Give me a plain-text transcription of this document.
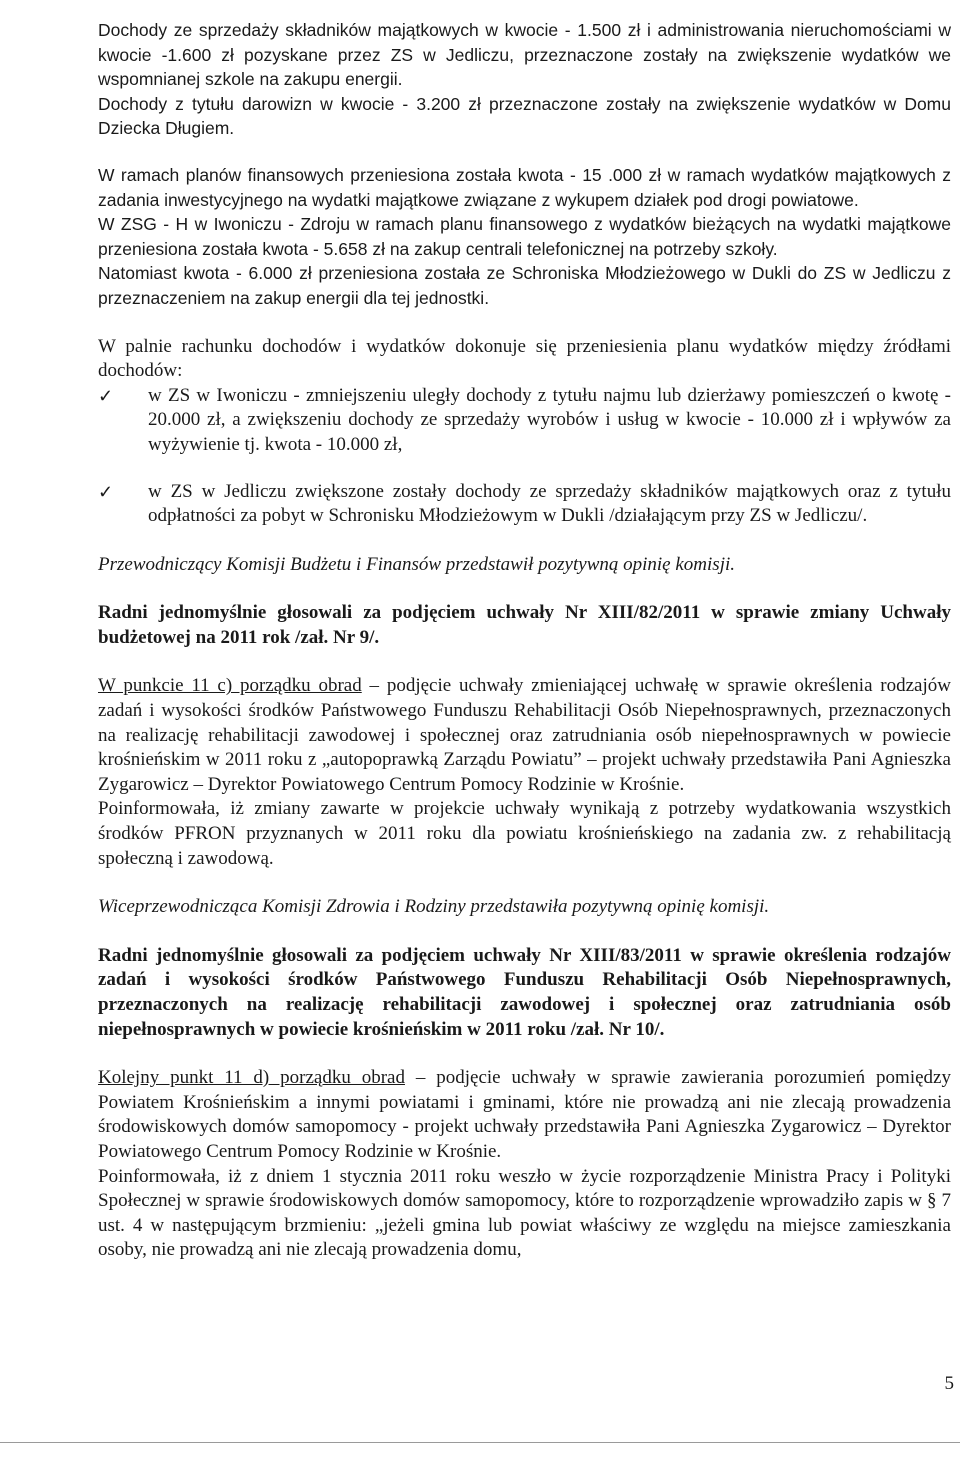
Dochody ze sprzedaży składników majątkowych w kwocie - 1.500 zł i administrowania nieruchomościami w kwocie -1.600 zł pozyskane przez ZS w Jedliczu, przeznaczone zostały na zwiększenie wydatków we wspomnianej szkole na zakupu energii.

Dochody z tytułu darowizn w kwocie - 3.200 zł przeznaczone zostały na zwiększenie wydatków w Domu Dziecka Długiem.

W ramach planów finansowych przeniesiona została kwota - 15 .000 zł w ramach wydatków majątkowych z zadania inwestycyjnego na wydatki majątkowe związane z wykupem działek pod drogi powiatowe.

W ZSG - H w Iwoniczu - Zdroju w ramach planu finansowego z wydatków bieżących na wydatki majątkowe przeniesiona została kwota - 5.658 zł na zakup centrali telefonicznej na potrzeby szkoły.

Natomiast kwota - 6.000 zł przeniesiona została ze Schroniska Młodzieżowego w Dukli do ZS w Jedliczu z przeznaczeniem na zakup energii dla tej jednostki.

W palnie rachunku dochodów i wydatków dokonuje się przeniesienia planu wydatków między źródłami dochodów:

✓ w ZS w Iwoniczu - zmniejszeniu uległy dochody z tytułu najmu lub dzierżawy pomieszczeń o kwotę - 20.000 zł, a zwiększeniu dochody ze sprzedaży wyrobów i usług w kwocie - 10.000 zł i wpływów za wyżywienie tj. kwota - 10.000 zł,

✓ w ZS w Jedliczu zwiększone zostały dochody ze sprzedaży składników majątkowych oraz z tytułu odpłatności za pobyt w Schronisku Młodzieżowym w Dukli /działającym przy ZS w Jedliczu/.

Przewodniczący Komisji Budżetu i Finansów przedstawił pozytywną opinię komisji.

Radni jednomyślnie głosowali za podjęciem uchwały Nr XIII/82/2011 w sprawie zmiany Uchwały budżetowej na 2011 rok /zał. Nr 9/.

W punkcie 11 c) porządku obrad – podjęcie uchwały zmieniającej uchwałę w sprawie określenia rodzajów zadań i wysokości środków Państwowego Funduszu Rehabilitacji Osób Niepełnosprawnych, przeznaczonych na realizację rehabilitacji zawodowej i społecznej oraz zatrudniania osób niepełnosprawnych w powiecie krośnieńskim w 2011 roku z „autopoprawką Zarządu Powiatu” – projekt uchwały przedstawiła Pani Agnieszka Zygarowicz – Dyrektor Powiatowego Centrum Pomocy Rodzinie w Krośnie.

Poinformowała, iż zmiany zawarte w projekcie uchwały wynikają z potrzeby wydatkowania wszystkich środków PFRON przyznanych w 2011 roku dla powiatu krośnieńskiego na zadania zw. z rehabilitacją społeczną i zawodową.

Wiceprzewodnicząca Komisji Zdrowia i Rodziny przedstawiła pozytywną opinię komisji.

Radni jednomyślnie głosowali za podjęciem uchwały Nr XIII/83/2011 w sprawie określenia rodzajów zadań i wysokości środków Państwowego Funduszu Rehabilitacji Osób Niepełnosprawnych, przeznaczonych na realizację rehabilitacji zawodowej i społecznej oraz zatrudniania osób niepełnosprawnych w powiecie krośnieńskim w 2011 roku /zał. Nr 10/.

Kolejny punkt 11 d) porządku obrad – podjęcie uchwały w sprawie zawierania porozumień pomiędzy Powiatem Krośnieńskim a innymi powiatami i gminami, które nie prowadzą ani nie zlecają prowadzenia środowiskowych domów samopomocy - projekt uchwały przedstawiła Pani Agnieszka Zygarowicz – Dyrektor Powiatowego Centrum Pomocy Rodzinie w Krośnie.

Poinformowała, iż z dniem 1 stycznia 2011 roku weszło w życie rozporządzenie Ministra Pracy i Polityki Społecznej w sprawie środowiskowych domów samopomocy, które to rozporządzenie wprowadziło zapis w § 7 ust. 4 w następującym brzmieniu: „jeżeli gmina lub powiat właściwy ze względu na miejsce zamieszkania osoby, nie prowadzą ani nie zlecają prowadzenia domu,

5
